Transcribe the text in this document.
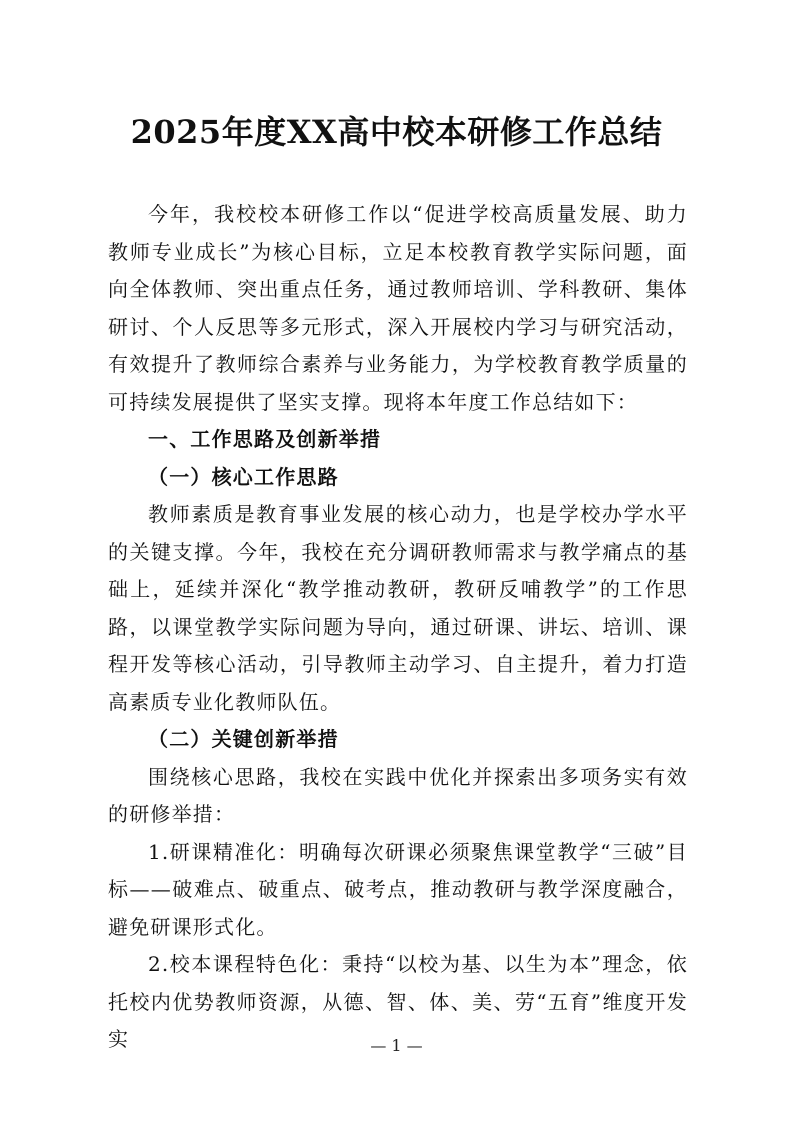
2025年度XX高中校本研修工作总结

今年，我校校本研修工作以“促进学校高质量发展、助力教师专业成长”为核心目标，立足本校教育教学实际问题，面向全体教师、突出重点任务，通过教师培训、学科教研、集体研讨、个人反思等多元形式，深入开展校内学习与研究活动，有效提升了教师综合素养与业务能力，为学校教育教学质量的可持续发展提供了坚实支撑。现将本年度工作总结如下：

一、工作思路及创新举措

（一）核心工作思路

教师素质是教育事业发展的核心动力，也是学校办学水平的关键支撑。今年，我校在充分调研教师需求与教学痛点的基础上，延续并深化“教学推动教研，教研反哺教学”的工作思路，以课堂教学实际问题为导向，通过研课、讲坛、培训、课程开发等核心活动，引导教师主动学习、自主提升，着力打造高素质专业化教师队伍。

（二）关键创新举措

围绕核心思路，我校在实践中优化并探索出多项务实有效的研修举措：

1.研课精准化：明确每次研课必须聚焦课堂教学“三破”目标——破难点、破重点、破考点，推动教研与教学深度融合，避免研课形式化。

2.校本课程特色化：秉持“以校为基、以生为本”理念，依托校内优势教师资源，从德、智、体、美、劳“五育”维度开发实	— 1 —
